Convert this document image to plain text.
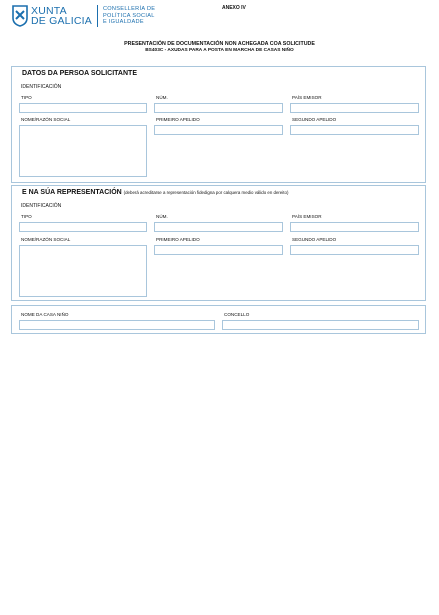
XUNTA
DE GALICIA
CONSELLERÍA DE
POLÍTICA SOCIAL
E IGUALDADE
ANEXO IV
PRESENTACIÓN DE DOCUMENTACIÓN NON ACHEGADA COA SOLICITUDE
BS403C - AXUDAS PARA A POSTA EN MARCHA DE CASAS NIÑO
DATOS DA PERSOA SOLICITANTE
IDENTIFICACIÓN
TIPO	NÚM.	PAÍS EMISOR
NOME/RAZÓN SOCIAL	PRIMEIRO APELIDO	SEGUNDO APELIDO
E NA SÚA REPRESENTACIÓN (deberá acreditarse a representación fidedigna por calquera medio válido en dereito)
IDENTIFICACIÓN
TIPO	NÚM.	PAÍS EMISOR
NOME/RAZÓN SOCIAL	PRIMEIRO APELIDO	SEGUNDO APELIDO
NOME DA CASA NIÑO	CONCELLO
